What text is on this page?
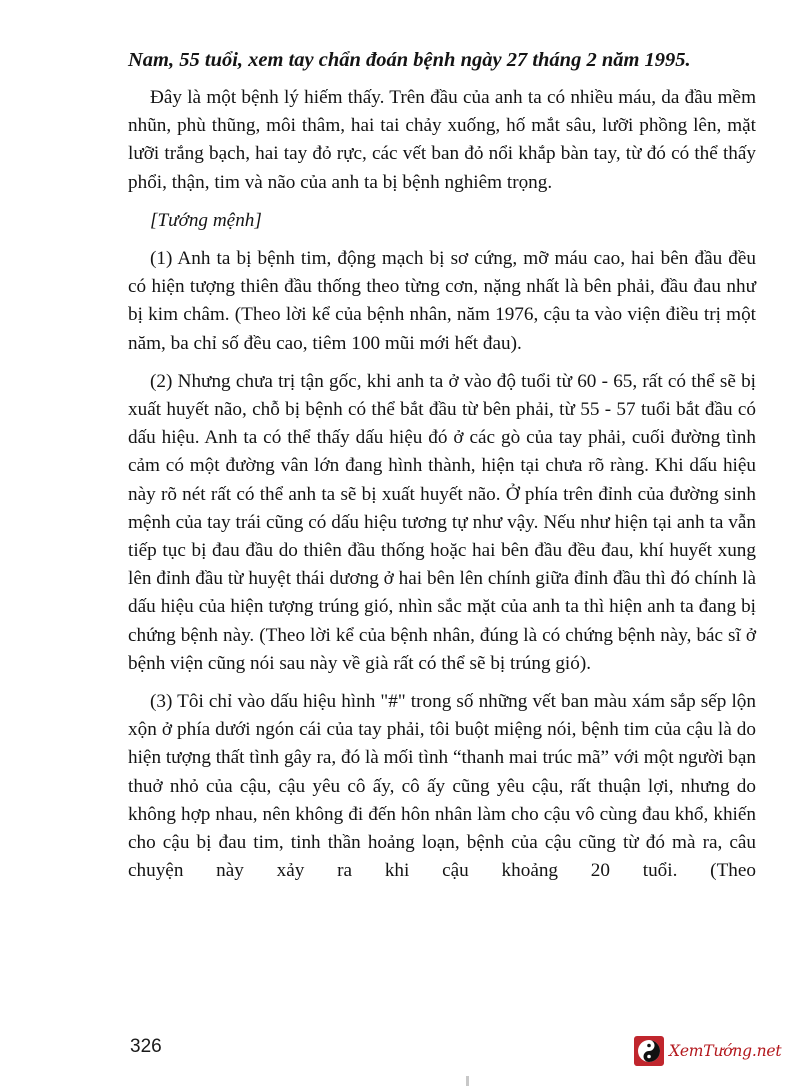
Nam, 55 tuổi, xem tay chẩn đoán bệnh ngày 27 tháng 2 năm 1995.

Đây là một bệnh lý hiếm thấy. Trên đầu của anh ta có nhiều máu, da đầu mềm nhũn, phù thũng, môi thâm, hai tai chảy xuống, hố mắt sâu, lưỡi phồng lên, mặt lưỡi trắng bạch, hai tay đỏ rực, các vết ban đỏ nổi khắp bàn tay, từ đó có thể thấy phổi, thận, tim và não của anh ta bị bệnh nghiêm trọng.

[Tướng mệnh]

(1) Anh ta bị bệnh tim, động mạch bị sơ cứng, mỡ máu cao, hai bên đầu đều có hiện tượng thiên đầu thống theo từng cơn, nặng nhất là bên phải, đầu đau như bị kim châm. (Theo lời kể của bệnh nhân, năm 1976, cậu ta vào viện điều trị một năm, ba chỉ số đều cao, tiêm 100 mũi mới hết đau).

(2) Nhưng chưa trị tận gốc, khi anh ta ở vào độ tuổi từ 60 - 65, rất có thể sẽ bị xuất huyết não, chỗ bị bệnh có thể bắt đầu từ bên phải, từ 55 - 57 tuổi bắt đầu có dấu hiệu. Anh ta có thể thấy dấu hiệu đó ở các gò của tay phải, cuối đường tình cảm có một đường vân lớn đang hình thành, hiện tại chưa rõ ràng. Khi dấu hiệu này rõ nét rất có thể anh ta sẽ bị xuất huyết não. Ở phía trên đỉnh của đường sinh mệnh của tay trái cũng có dấu hiệu tương tự như vậy. Nếu như hiện tại anh ta vẫn tiếp tục bị đau đầu do thiên đầu thống hoặc hai bên đầu đều đau, khí huyết xung lên đỉnh đầu từ huyệt thái dương ở hai bên lên chính giữa đỉnh đầu thì đó chính là dấu hiệu của hiện tượng trúng gió, nhìn sắc mặt của anh ta thì hiện anh ta đang bị chứng bệnh này. (Theo lời kể của bệnh nhân, đúng là có chứng bệnh này, bác sĩ ở bệnh viện cũng nói sau này về già rất có thể sẽ bị trúng gió).

(3) Tôi chỉ vào dấu hiệu hình "#" trong số những vết ban màu xám sắp sếp lộn xộn ở phía dưới ngón cái của tay phải, tôi buột miệng nói, bệnh tim của cậu là do hiện tượng thất tình gây ra, đó là mối tình “thanh mai trúc mã” với một người bạn thuở nhỏ của cậu, cậu yêu cô ấy, cô ấy cũng yêu cậu, rất thuận lợi, nhưng do không hợp nhau, nên không đi đến hôn nhân làm cho cậu vô cùng đau khổ, khiến cho cậu bị đau tim, tinh thần hoảng loạn, bệnh của cậu cũng từ đó mà ra, câu chuyện này xảy ra khi cậu khoảng 20 tuổi. (Theo

326	XemTướng.net
